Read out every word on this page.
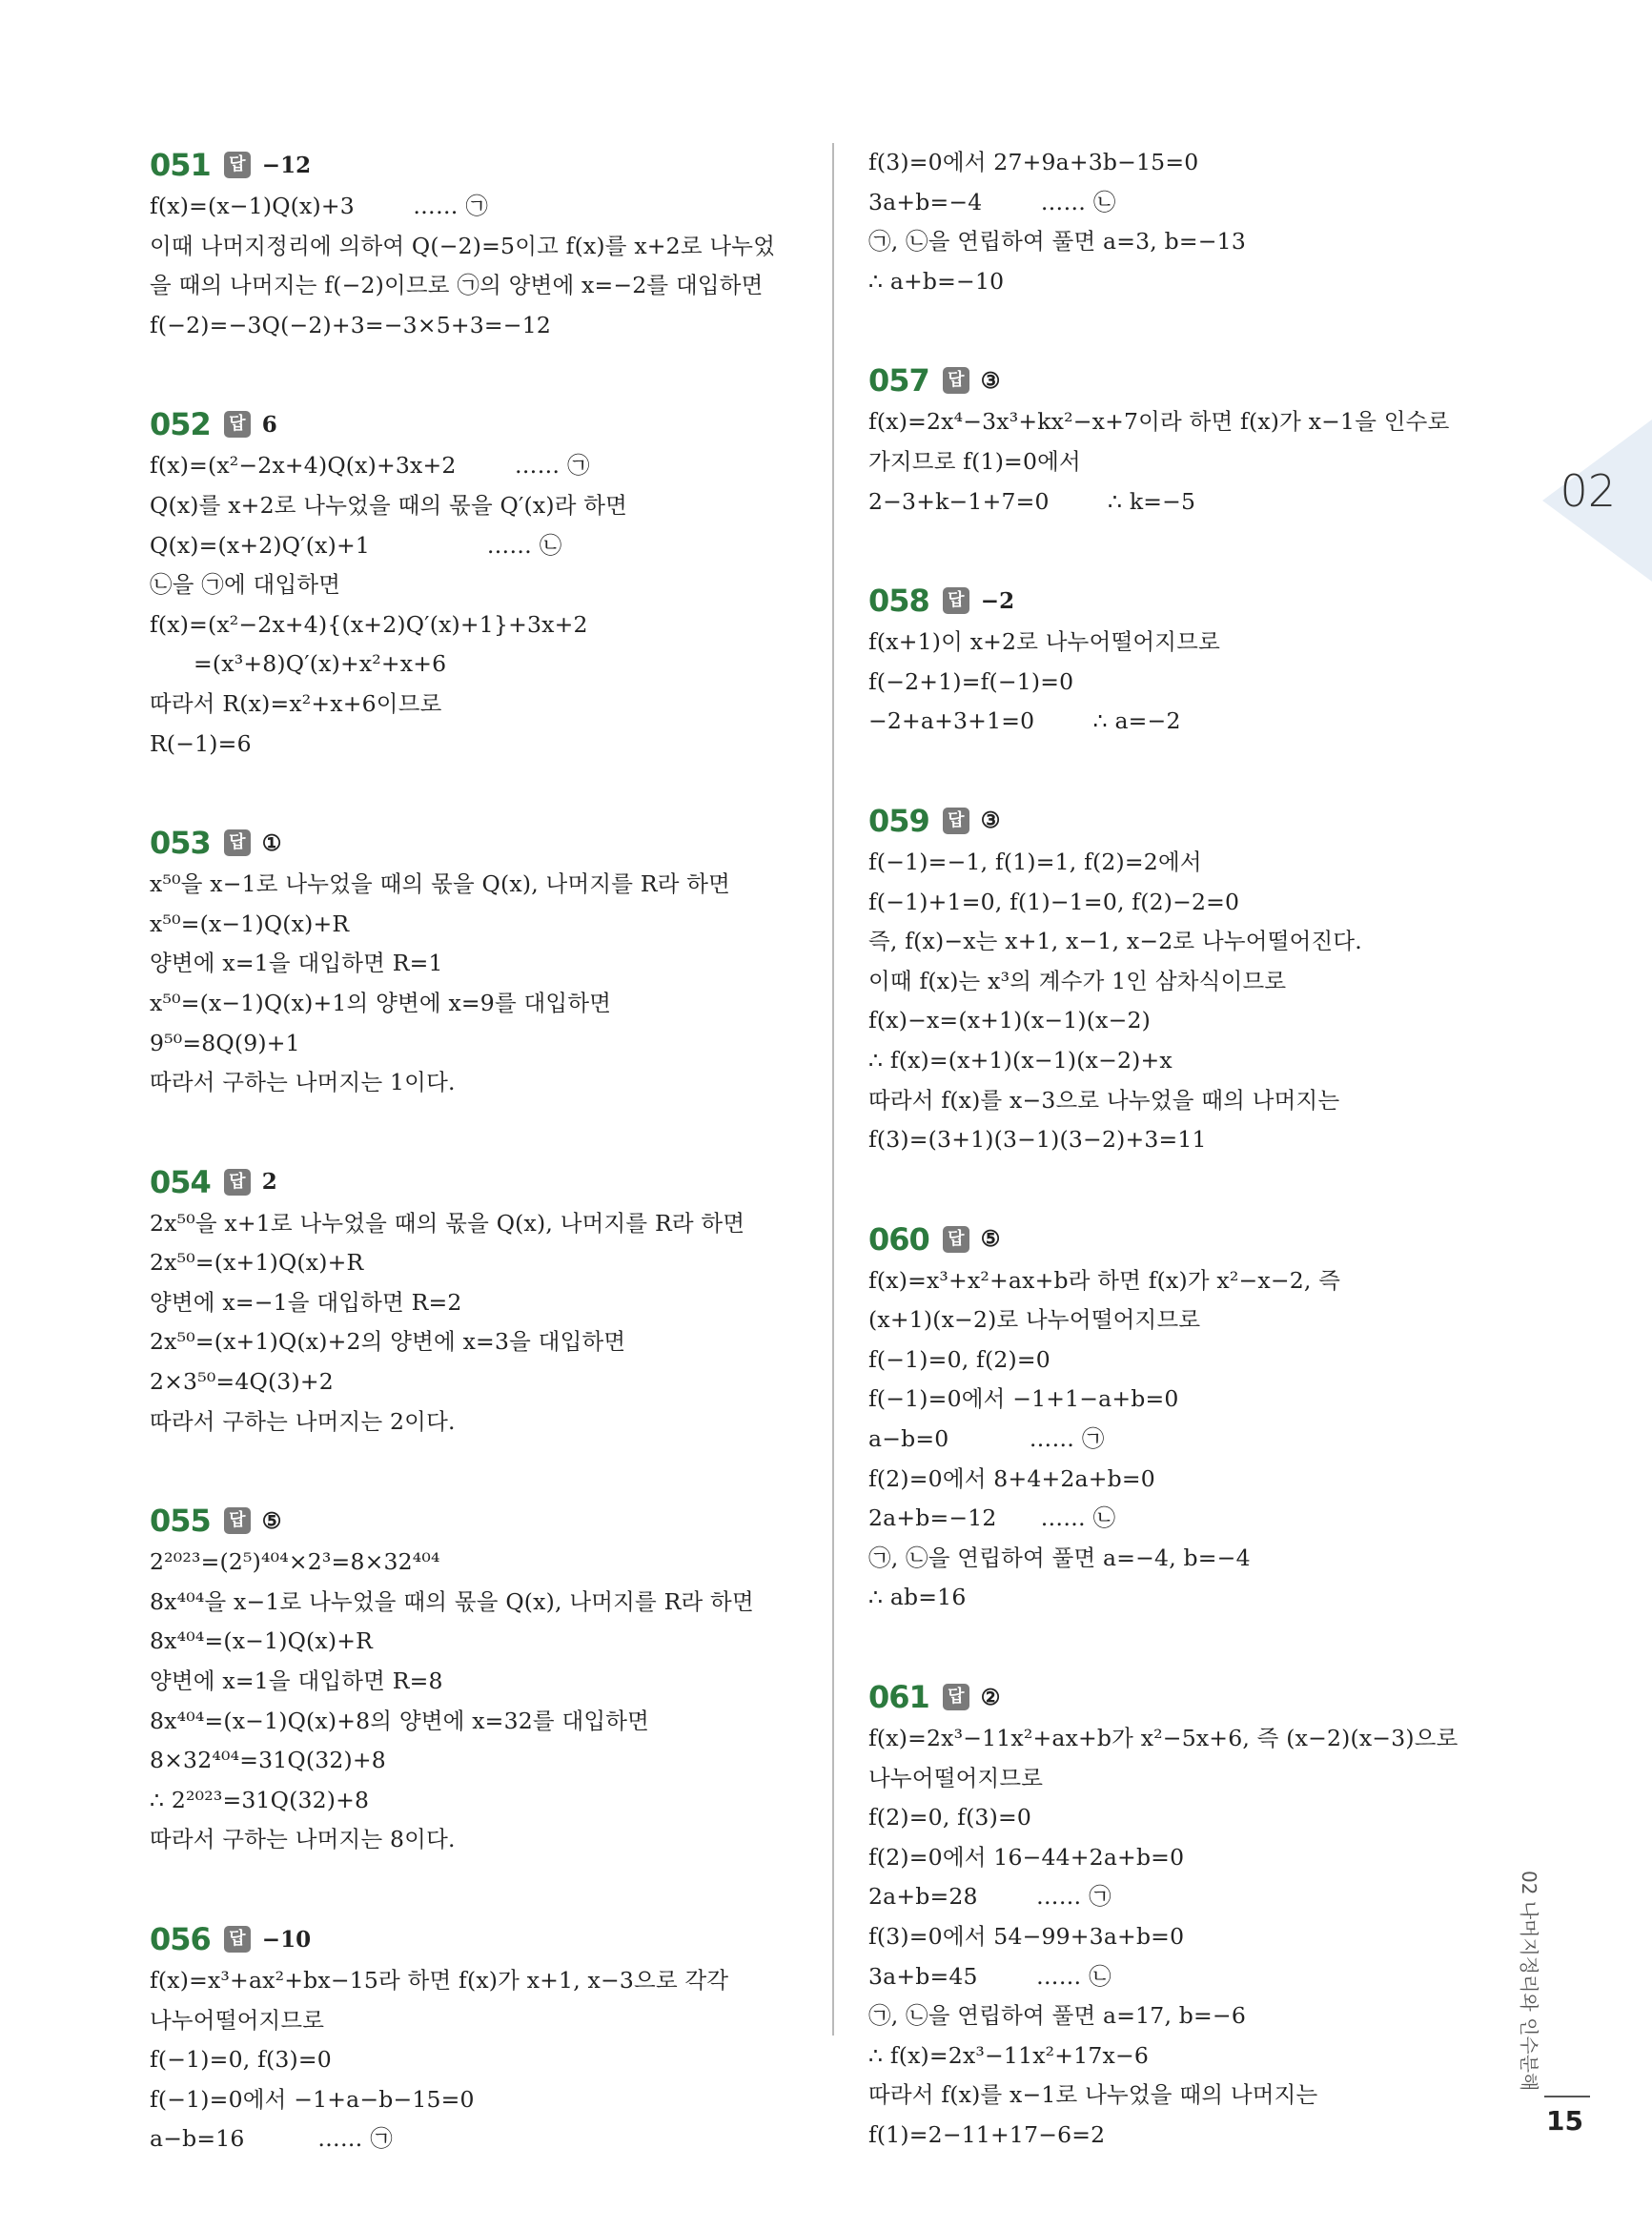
051 답 −12
f(x)=(x−1)Q(x)+3        …… ㉠
이때 나머지정리에 의하여 Q(−2)=5이고 f(x)를 x+2로 나누었
을 때의 나머지는 f(−2)이므로 ㉠의 양변에 x=−2를 대입하면
f(−2)=−3Q(−2)+3=−3×5+3=−12
052 답 6
f(x)=(x²−2x+4)Q(x)+3x+2        …… ㉠
Q(x)를 x+2로 나누었을 때의 몫을 Q′(x)라 하면
Q(x)=(x+2)Q′(x)+1                …… ㉡
㉡을 ㉠에 대입하면
f(x)=(x²−2x+4){(x+2)Q′(x)+1}+3x+2
=(x³+8)Q′(x)+x²+x+6
따라서 R(x)=x²+x+6이므로
R(−1)=6
053 답 ①
x⁵⁰을 x−1로 나누었을 때의 몫을 Q(x), 나머지를 R라 하면
x⁵⁰=(x−1)Q(x)+R
양변에 x=1을 대입하면 R=1
x⁵⁰=(x−1)Q(x)+1의 양변에 x=9를 대입하면
9⁵⁰=8Q(9)+1
따라서 구하는 나머지는 1이다.
054 답 2
2x⁵⁰을 x+1로 나누었을 때의 몫을 Q(x), 나머지를 R라 하면
2x⁵⁰=(x+1)Q(x)+R
양변에 x=−1을 대입하면 R=2
2x⁵⁰=(x+1)Q(x)+2의 양변에 x=3을 대입하면
2×3⁵⁰=4Q(3)+2
따라서 구하는 나머지는 2이다.
055 답 ⑤
2²⁰²³=(2⁵)⁴⁰⁴×2³=8×32⁴⁰⁴
8x⁴⁰⁴을 x−1로 나누었을 때의 몫을 Q(x), 나머지를 R라 하면
8x⁴⁰⁴=(x−1)Q(x)+R
양변에 x=1을 대입하면 R=8
8x⁴⁰⁴=(x−1)Q(x)+8의 양변에 x=32를 대입하면
8×32⁴⁰⁴=31Q(32)+8
∴ 2²⁰²³=31Q(32)+8
따라서 구하는 나머지는 8이다.
056 답 −10
f(x)=x³+ax²+bx−15라 하면 f(x)가 x+1, x−3으로 각각
나누어떨어지므로
f(−1)=0, f(3)=0
f(−1)=0에서 −1+a−b−15=0
a−b=16          …… ㉠
f(3)=0에서 27+9a+3b−15=0
3a+b=−4        …… ㉡
㉠, ㉡을 연립하여 풀면 a=3, b=−13
∴ a+b=−10
057 답 ③
f(x)=2x⁴−3x³+kx²−x+7이라 하면 f(x)가 x−1을 인수로
가지므로 f(1)=0에서
2−3+k−1+7=0        ∴ k=−5
058 답 −2
f(x+1)이 x+2로 나누어떨어지므로
f(−2+1)=f(−1)=0
−2+a+3+1=0        ∴ a=−2
059 답 ③
f(−1)=−1, f(1)=1, f(2)=2에서
f(−1)+1=0, f(1)−1=0, f(2)−2=0
즉, f(x)−x는 x+1, x−1, x−2로 나누어떨어진다.
이때 f(x)는 x³의 계수가 1인 삼차식이므로
f(x)−x=(x+1)(x−1)(x−2)
∴ f(x)=(x+1)(x−1)(x−2)+x
따라서 f(x)를 x−3으로 나누었을 때의 나머지는
f(3)=(3+1)(3−1)(3−2)+3=11
060 답 ⑤
f(x)=x³+x²+ax+b라 하면 f(x)가 x²−x−2, 즉
(x+1)(x−2)로 나누어떨어지므로
f(−1)=0, f(2)=0
f(−1)=0에서 −1+1−a+b=0
a−b=0           …… ㉠
f(2)=0에서 8+4+2a+b=0
2a+b=−12      …… ㉡
㉠, ㉡을 연립하여 풀면 a=−4, b=−4
∴ ab=16
061 답 ②
f(x)=2x³−11x²+ax+b가 x²−5x+6, 즉 (x−2)(x−3)으로
나누어떨어지므로
f(2)=0, f(3)=0
f(2)=0에서 16−44+2a+b=0
2a+b=28        …… ㉠
f(3)=0에서 54−99+3a+b=0
3a+b=45        …… ㉡
㉠, ㉡을 연립하여 풀면 a=17, b=−6
∴ f(x)=2x³−11x²+17x−6
따라서 f(x)를 x−1로 나누었을 때의 나머지는
f(1)=2−11+17−6=2
02
02 나머지정리와 인수분해
15
